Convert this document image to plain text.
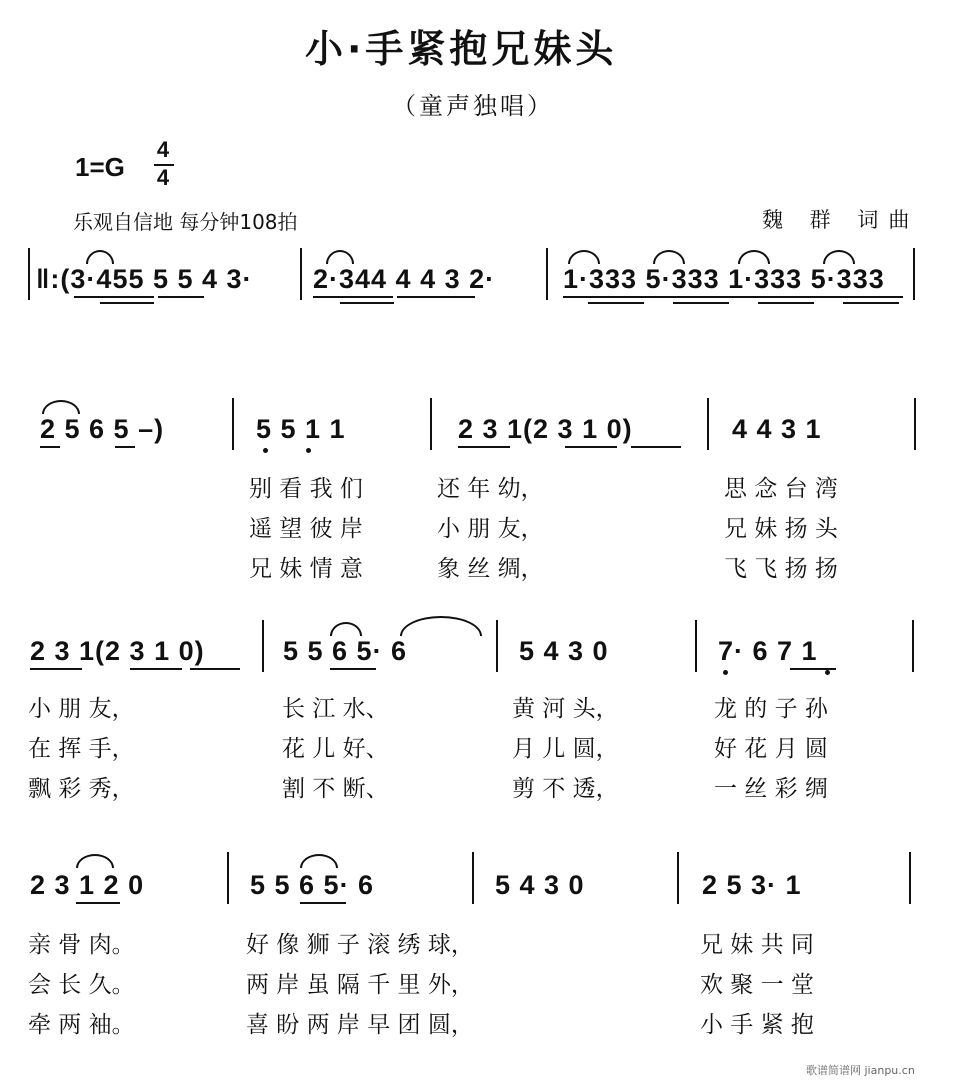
小·手紧抱兄妹头
（童声独唱）
1=G
4
4
乐观自信地 每分钟108拍	魏 群 词曲
‖:(3·455 5 5 4 3· 2·344 4 4 3 2·	1·333 5·333 1·333 5·333
2 5 6 5 –)	5 5 1 1	2 3 1(2 3 1 0)	4 4 3 1
别 看 我 们	还 年 幼，	思 念 台 湾
遥 望 彼 岸	小 朋 友，	兄 妹 扬 头
兄 妹 情 意	象 丝 绸，	飞 飞 扬 扬
2 3 1(2 3 1 0)	5 5 6 5· 6	5 4 3 0	7· 6 7 1
小 朋 友，	长 江 水、	黄 河 头，	龙 的 子 孙
在 挥 手，	花 儿 好、	月 儿 圆，	好 花 月 圆
飘 彩 秀，	割 不 断、	剪 不 透，	一 丝 彩 绸
2 3 1 2 0	5 5 6 5· 6	5 4 3 0	2 5 3· 1
亲 骨 肉。	好 像 狮 子 滚 绣 球，	兄 妹 共 同
会 长 久。	两 岸 虽 隔 千 里 外，	欢 聚 一 堂
牵 两 袖。	喜 盼 两 岸 早 团 圆，	小 手 紧 抱
歌谱简谱网 jianpu.cn
